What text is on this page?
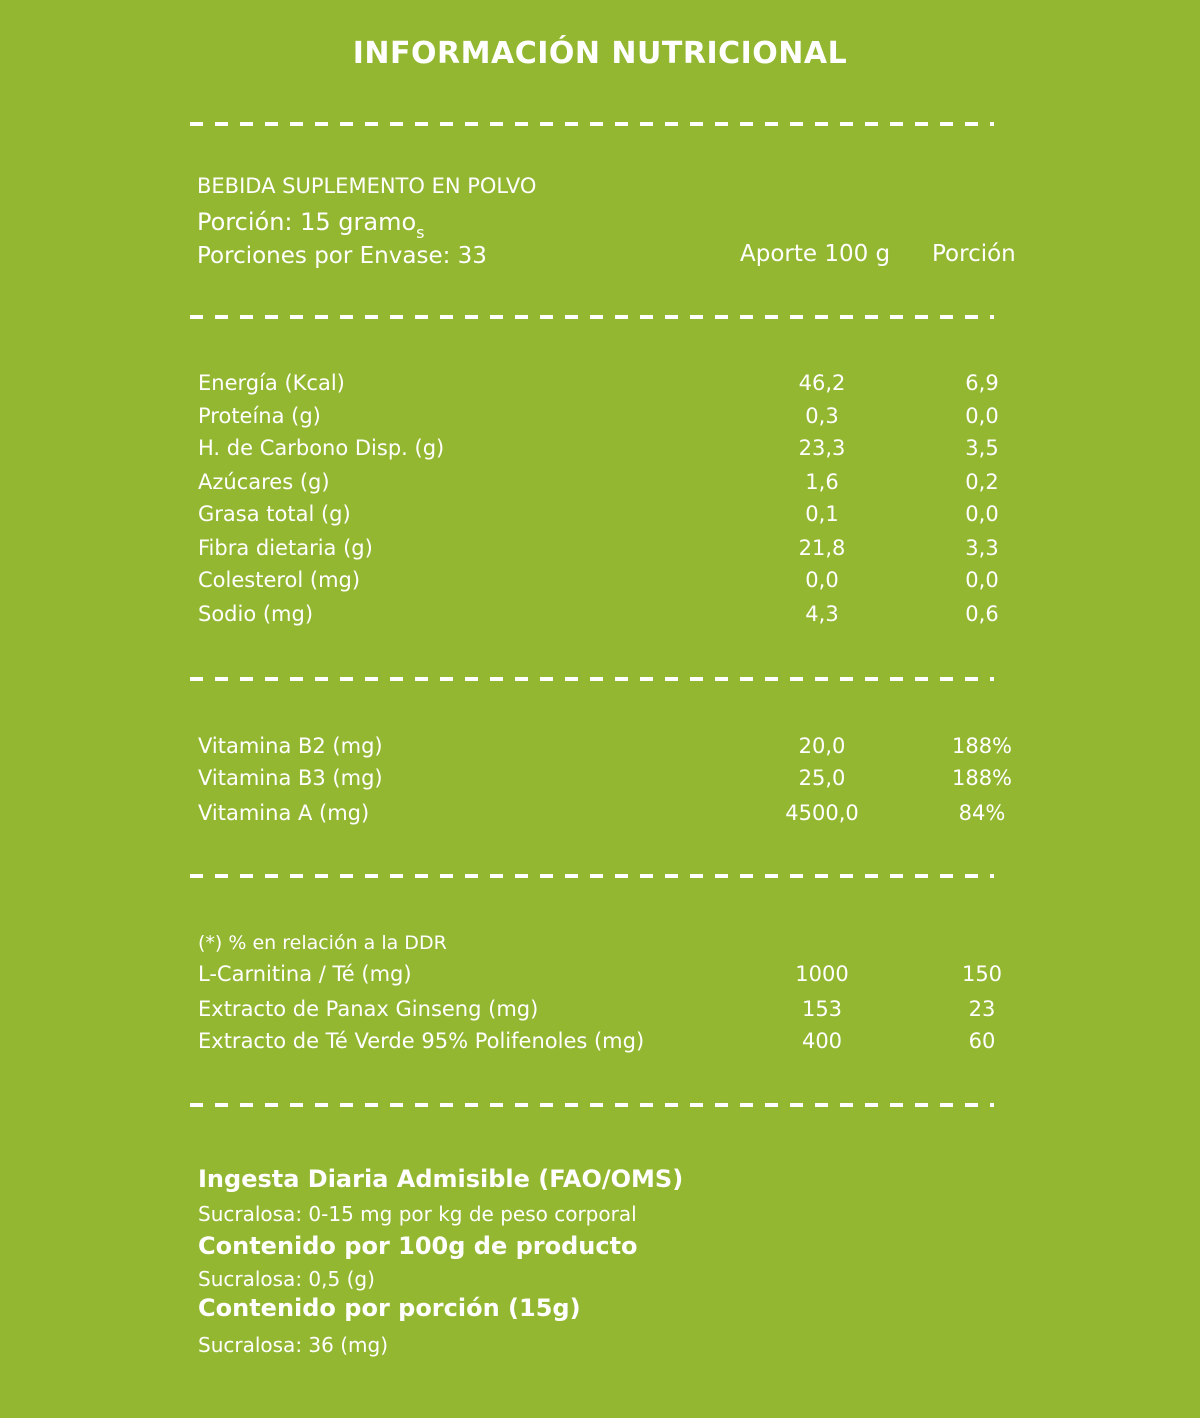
INFORMACIÓN NUTRICIONAL
BEBIDA SUPLEMENTO EN POLVO
Porción: 15 gramo$_s$
Porciones por Envase: 33	Aporte 100 g Porción
Energía (Kcal)	46,2	6,9
Proteína (g)	0,3	0,0
H. de Carbono Disp. (g)	23,3	3,5
Azúcares (g)	1,6	0,2
Grasa total (g)	0,1	0,0
Fibra dietaria (g)	21,8	3,3
Colesterol (mg)	0,0	0,0
Sodio (mg)	4,3	0,6
Vitamina B2 (mg)	20,0	188%
Vitamina B3 (mg)	25,0	188%
Vitamina A (mg)	4500,0	84%
(*) % en relación a la DDR
L-Carnitina / Té (mg)	1000	150
Extracto de Panax Ginseng (mg)	153	23
Extracto de Té Verde 95% Polifenoles (mg)	400	60
Ingesta Diaria Admisible (FAO/OMS)
Sucralosa: 0-15 mg por kg de peso corporal
Contenido por 100g de producto
Sucralosa: 0,5 (g)
Contenido por porción (15g)
Sucralosa: 36 (mg)
